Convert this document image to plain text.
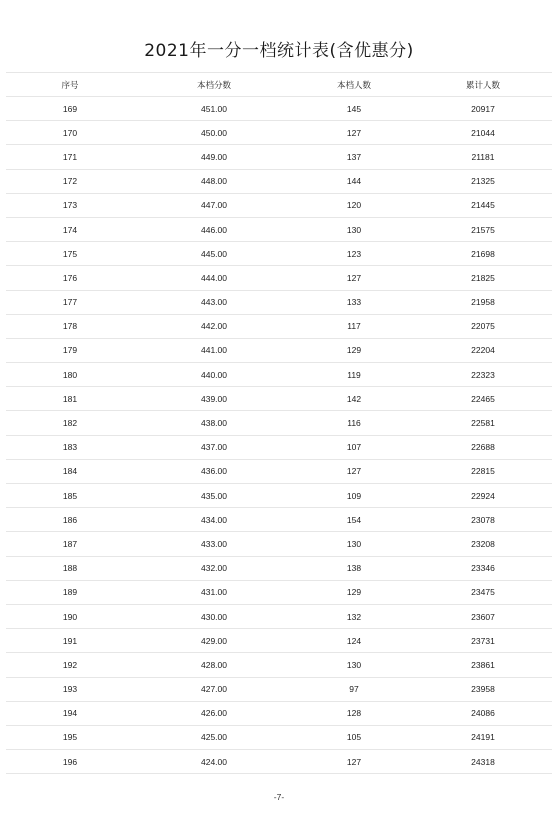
2021年一分一档统计表(含优惠分)
序号	本档分数	本档人数	累计人数
169	451.00	145	20917
170	450.00	127	21044
171	449.00	137	21181
172	448.00	144	21325
173	447.00	120	21445
174	446.00	130	21575
175	445.00	123	21698
176	444.00	127	21825
177	443.00	133	21958
178	442.00	117	22075
179	441.00	129	22204
180	440.00	119	22323
181	439.00	142	22465
182	438.00	116	22581
183	437.00	107	22688
184	436.00	127	22815
185	435.00	109	22924
186	434.00	154	23078
187	433.00	130	23208
188	432.00	138	23346
189	431.00	129	23475
190	430.00	132	23607
191	429.00	124	23731
192	428.00	130	23861
193	427.00	97	23958
194	426.00	128	24086
195	425.00	105	24191
196	424.00	127	24318
-7-
